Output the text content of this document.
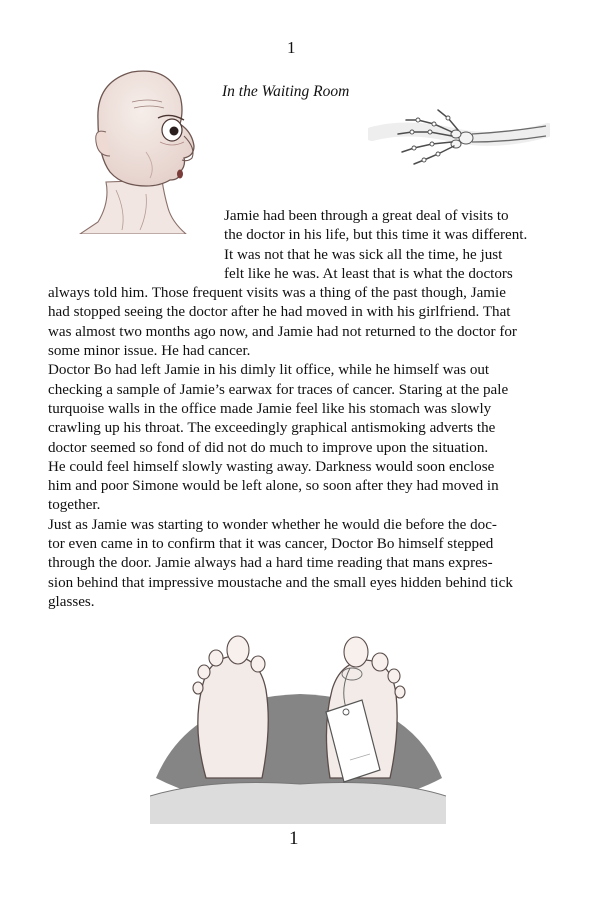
1
In the Waiting Room

Jamie had been through a great deal of visits to
the doctor in his life, but this time it was different.
It was not that he was sick all the time, he just
felt like he was. At least that is what the doctors
always told him. Those frequent visits was a thing of the past though, Jamie
had stopped seeing the doctor after he had moved in with his girlfriend. That
was almost two months ago now, and Jamie had not returned to the doctor for
some minor issue. He had cancer.

Doctor Bo had left Jamie in his dimly lit office, while he himself was out
checking a sample of Jamie’s earwax for traces of cancer. Staring at the pale
turquoise walls in the office made Jamie feel like his stomach was slowly
crawling up his throat. The exceedingly graphical antismoking adverts the
doctor seemed so fond of did not do much to improve upon the situation.
He could feel himself slowly wasting away. Darkness would soon enclose
him and poor Simone would be left alone, so soon after they had moved in
together.

Just as Jamie was starting to wonder whether he would die before the doc-
tor even came in to confirm that it was cancer, Doctor Bo himself stepped
through the door. Jamie always had a hard time reading that mans expres-
sion behind that impressive moustache and the small eyes hidden behind tick
glasses.

1
